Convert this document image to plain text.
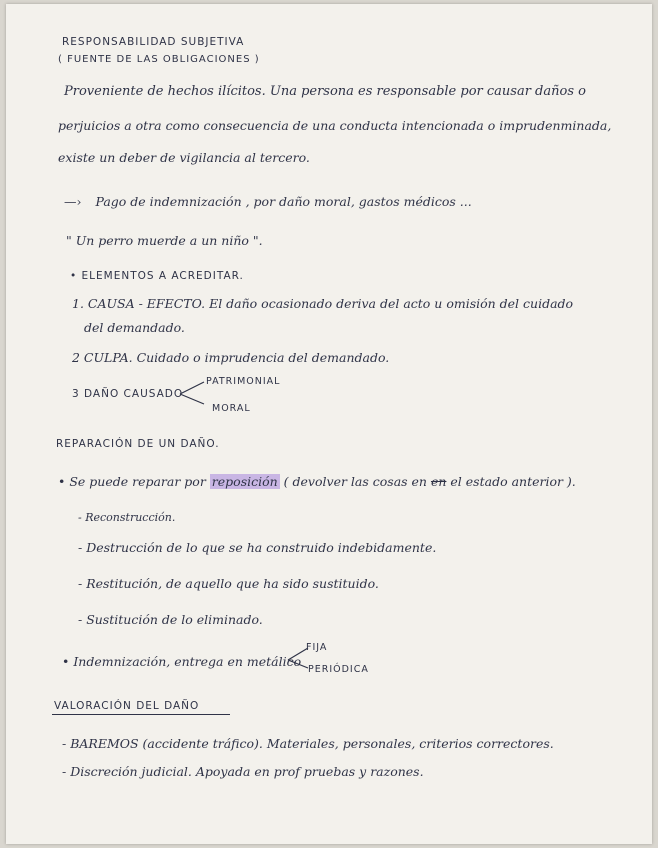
RESPONSABILIDAD SUBJETIVA
( FUENTE DE LAS OBLIGACIONES )
Proveniente de hechos ilícitos. Una persona es responsable por causar daños o
perjuicios a otra como consecuencia de una conducta intencionada o imprudenminada,
existe un deber de vigilancia al tercero.
—› Pago de indemnización , por daño moral, gastos médicos ...
" Un perro muerde a un niño ".
• ELEMENTOS A ACREDITAR.
1. CAUSA - EFECTO. El daño ocasionado deriva del acto u omisión del cuidado
del demandado.
2 CULPA. Cuidado o imprudencia del demandado.
3 DAÑO CAUSADO
PATRIMONIAL
MORAL
REPARACIÓN DE UN DAÑO.
• Se puede reparar por reposición ( devolver las cosas en en el estado anterior ).
- Reconstrucción.
- Destrucción de lo que se ha construido indebidamente.
- Restitución, de aquello que ha sido sustituido.
- Sustitución de lo eliminado.
• Indemnización, entrega en metálico
FIJA
PERIÓDICA
VALORACIÓN DEL DAÑO
- BAREMOS (accidente tráfico). Materiales, personales, criterios correctores.
- Discreción judicial. Apoyada en prof pruebas y razones.
